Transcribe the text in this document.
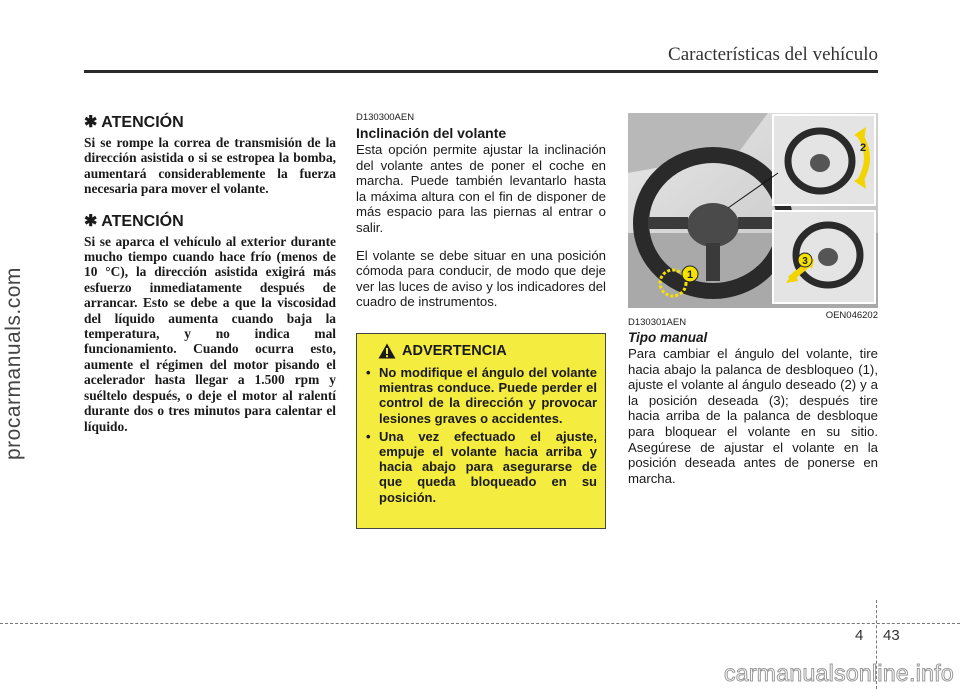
Características del vehículo
procarmanuals.com
✱ ATENCIÓN

Si se rompe la correa de transmisión de la dirección asistida o si se estropea la bomba, aumentará considerablemente la fuerza necesaria para mover el volante.

✱ ATENCIÓN

Si se aparca el vehículo al exterior durante mucho tiempo cuando hace frío (menos de 10 °C), la dirección asistida exigirá más esfuerzo inmediatamente después de arrancar. Esto se debe a que la viscosidad del líquido aumenta cuando baja la temperatura, y no indica mal funcionamiento. Cuando ocurra esto, aumente el régimen del motor pisando el acelerador hasta llegar a 1.500 rpm y suéltelo después, o deje el motor al ralentí durante dos o tres minutos para calentar el líquido.

D130300AEN

Inclinación del volante

Esta opción permite ajustar la inclinación del volante antes de poner el coche en marcha. Puede también levantarlo hasta la máxima altura con el fin de disponer de más espacio para las piernas al entrar o salir.

El volante se debe situar en una posición cómoda para conducir, de modo que deje ver las luces de aviso y los indicadores del cuadro de instrumentos.

ADVERTENCIA
• No modifique el ángulo del volante mientras conduce. Puede perder el control de la dirección y provocar lesiones graves o accidentes.
• Una vez efectuado el ajuste, empuje el volante hacia arriba y hacia abajo para asegurarse de que queda bloqueado en su posición.
1
2
3
OEN046202

D130301AEN

Tipo manual

Para cambiar el ángulo del volante, tire hacia abajo la palanca de desbloqueo (1), ajuste el volante al ángulo deseado (2) y a la posición deseada (3); después tire hacia arriba de la palanca de desbloque para bloquear el volante en su sitio. Asegúrese de ajustar el volante en la posición deseada antes de ponerse en marcha.

4 43
carmanualsonline.info
